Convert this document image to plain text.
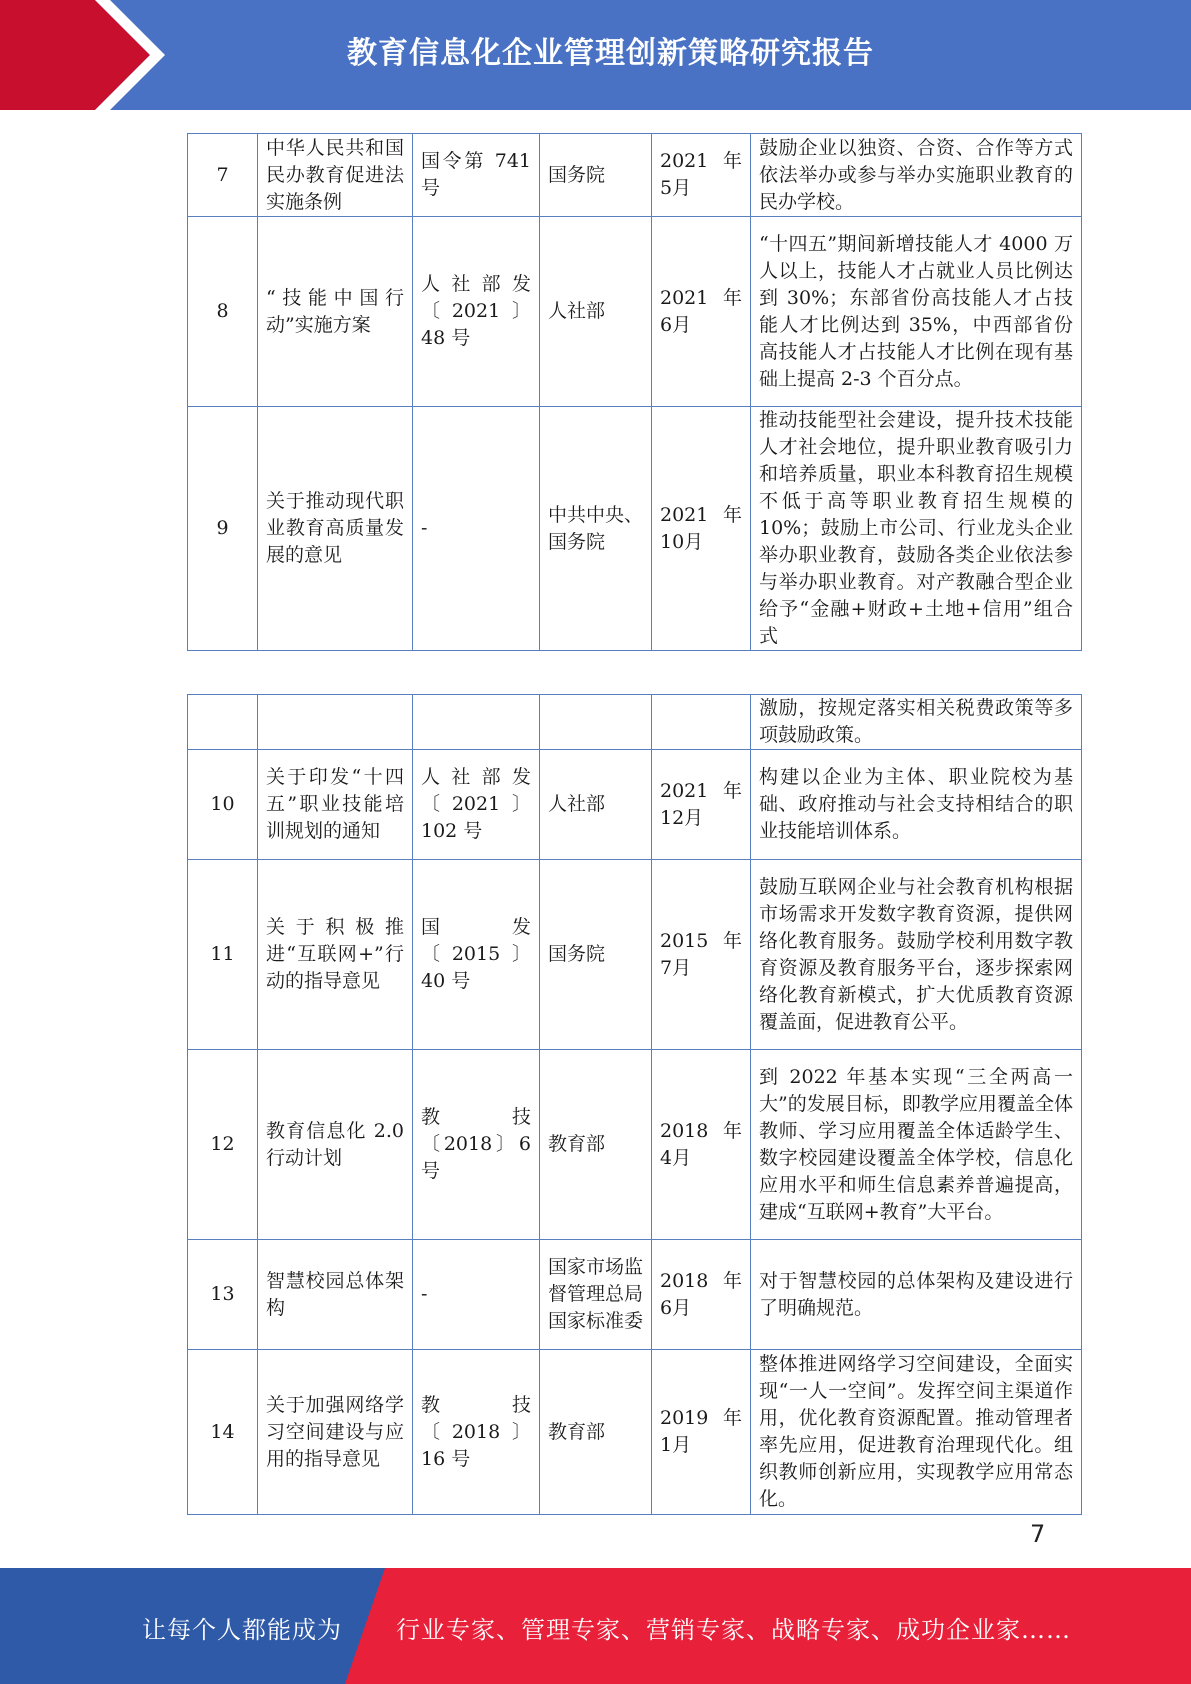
教育信息化企业管理创新策略研究报告
7	中华人民共和国民办教育促进法实施条例	国令第 741 号	国务院	2021 年 5月	鼓励企业以独资、合资、合作等方式依法举办或参与举办实施职业教育的民办学校。
8	“技能中国行动”实施方案	人社部发〔2021〕48 号	人社部	2021 年 6月	“十四五”期间新增技能人才 4000 万人以上，技能人才占就业人员比例达到 30%；东部省份高技能人才占技能人才比例达到 35%，中西部省份高技能人才占技能人才比例在现有基础上提高 2-3 个百分点。
9	关于推动现代职业教育高质量发展的意见	-	中共中央、国务院	2021 年 10月	推动技能型社会建设，提升技术技能人才社会地位，提升职业教育吸引力和培养质量，职业本科教育招生规模不低于高等职业教育招生规模的 10%；鼓励上市公司、行业龙头企业举办职业教育，鼓励各类企业依法参与举办职业教育。对产教融合型企业给予“金融+财政+土地+信用”组合式
					激励，按规定落实相关税费政策等多项鼓励政策。
10	关于印发“十四五”职业技能培训规划的通知	人社部发〔2021〕102 号	人社部	2021 年 12月	构建以企业为主体、职业院校为基础、政府推动与社会支持相结合的职业技能培训体系。
11	关于积极推进“互联网+”行动的指导意见	国发〔2015〕40 号	国务院	2015 年 7月	鼓励互联网企业与社会教育机构根据市场需求开发数字教育资源，提供网络化教育服务。鼓励学校利用数字教育资源及教育服务平台，逐步探索网络化教育新模式，扩大优质教育资源覆盖面，促进教育公平。
12	教育信息化 2.0 行动计划	教技〔2018〕6 号	教育部	2018 年 4月	到 2022 年基本实现“三全两高一大”的发展目标，即教学应用覆盖全体教师、学习应用覆盖全体适龄学生、数字校园建设覆盖全体学校，信息化应用水平和师生信息素养普遍提高，建成“互联网+教育”大平台。
13	智慧校园总体架构	-	国家市场监督管理总局国家标准委	2018 年 6月	对于智慧校园的总体架构及建设进行了明确规范。
14	关于加强网络学习空间建设与应用的指导意见	教技〔2018〕16 号	教育部	2019 年 1月	整体推进网络学习空间建设，全面实现“一人一空间”。发挥空间主渠道作用，优化教育资源配置。推动管理者率先应用，促进教育治理现代化。组织教师创新应用，实现教学应用常态化。
7
让每个人都能成为 行业专家、管理专家、营销专家、战略专家、成功企业家……
